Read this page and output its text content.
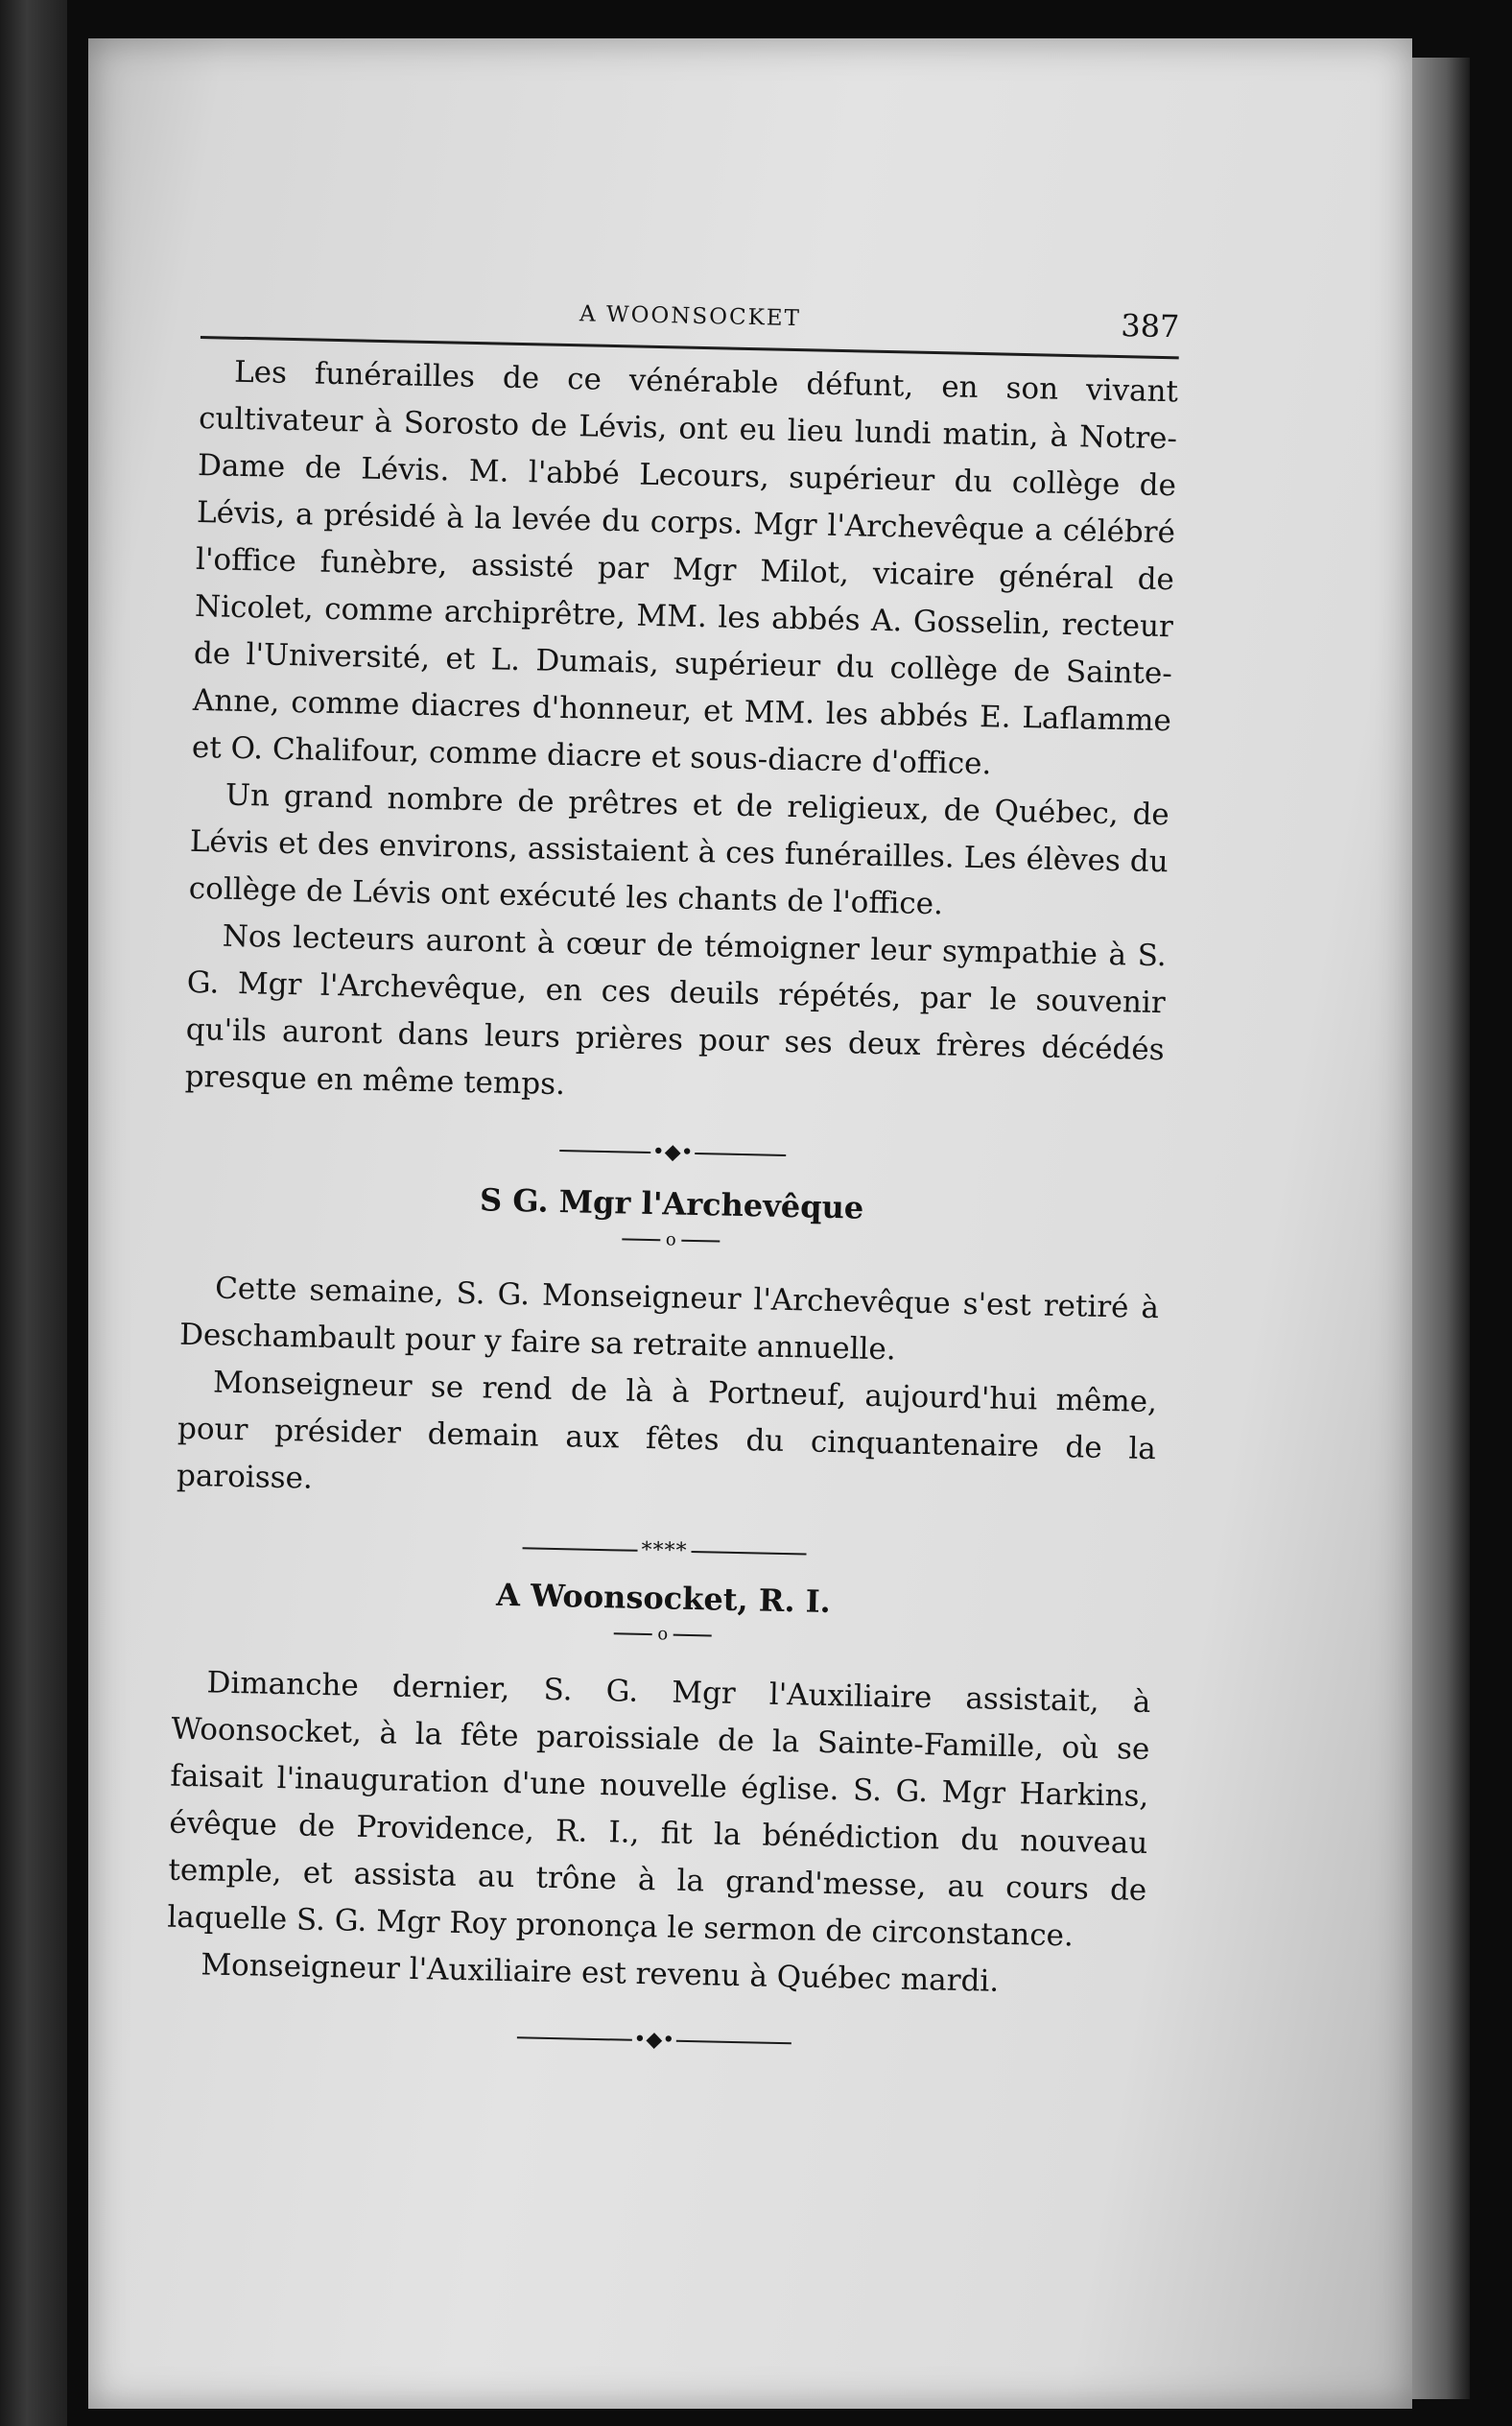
A WOONSOCKET	387

Les funérailles de ce vénérable défunt, en son vivant cultivateur à Sorosto de Lévis, ont eu lieu lundi matin, à Notre-Dame de Lévis. M. l'abbé Lecours, supérieur du collège de Lévis, a présidé à la levée du corps. Mgr l'Archevêque a célébré l'office funèbre, assisté par Mgr Milot, vicaire général de Nicolet, comme archiprêtre, MM. les abbés A. Gosselin, recteur de l'Université, et L. Dumais, supérieur du collège de Sainte-Anne, comme diacres d'honneur, et MM. les abbés E. Laflamme et O. Chalifour, comme diacre et sous-diacre d'office.

Un grand nombre de prêtres et de religieux, de Québec, de Lévis et des environs, assistaient à ces funérailles. Les élèves du collège de Lévis ont exécuté les chants de l'office.

Nos lecteurs auront à cœur de témoigner leur sympathie à S. G. Mgr l'Archevêque, en ces deuils répétés, par le souvenir qu'ils auront dans leurs prières pour ses deux frères décédés presque en même temps.

•◆•
S G. Mgr l'Archevêque
o

Cette semaine, S. G. Monseigneur l'Archevêque s'est retiré à Deschambault pour y faire sa retraite annuelle.

Monseigneur se rend de là à Portneuf, aujourd'hui même, pour présider demain aux fêtes du cinquantenaire de la paroisse.

****
A Woonsocket, R. I.
o

Dimanche dernier, S. G. Mgr l'Auxiliaire assistait, à Woonsocket, à la fête paroissiale de la Sainte-Famille, où se faisait l'inauguration d'une nouvelle église. S. G. Mgr Harkins, évêque de Providence, R. I., fit la bénédiction du nouveau temple, et assista au trône à la grand'messe, au cours de laquelle S. G. Mgr Roy prononça le sermon de circonstance.

Monseigneur l'Auxiliaire est revenu à Québec mardi.

•◆•
